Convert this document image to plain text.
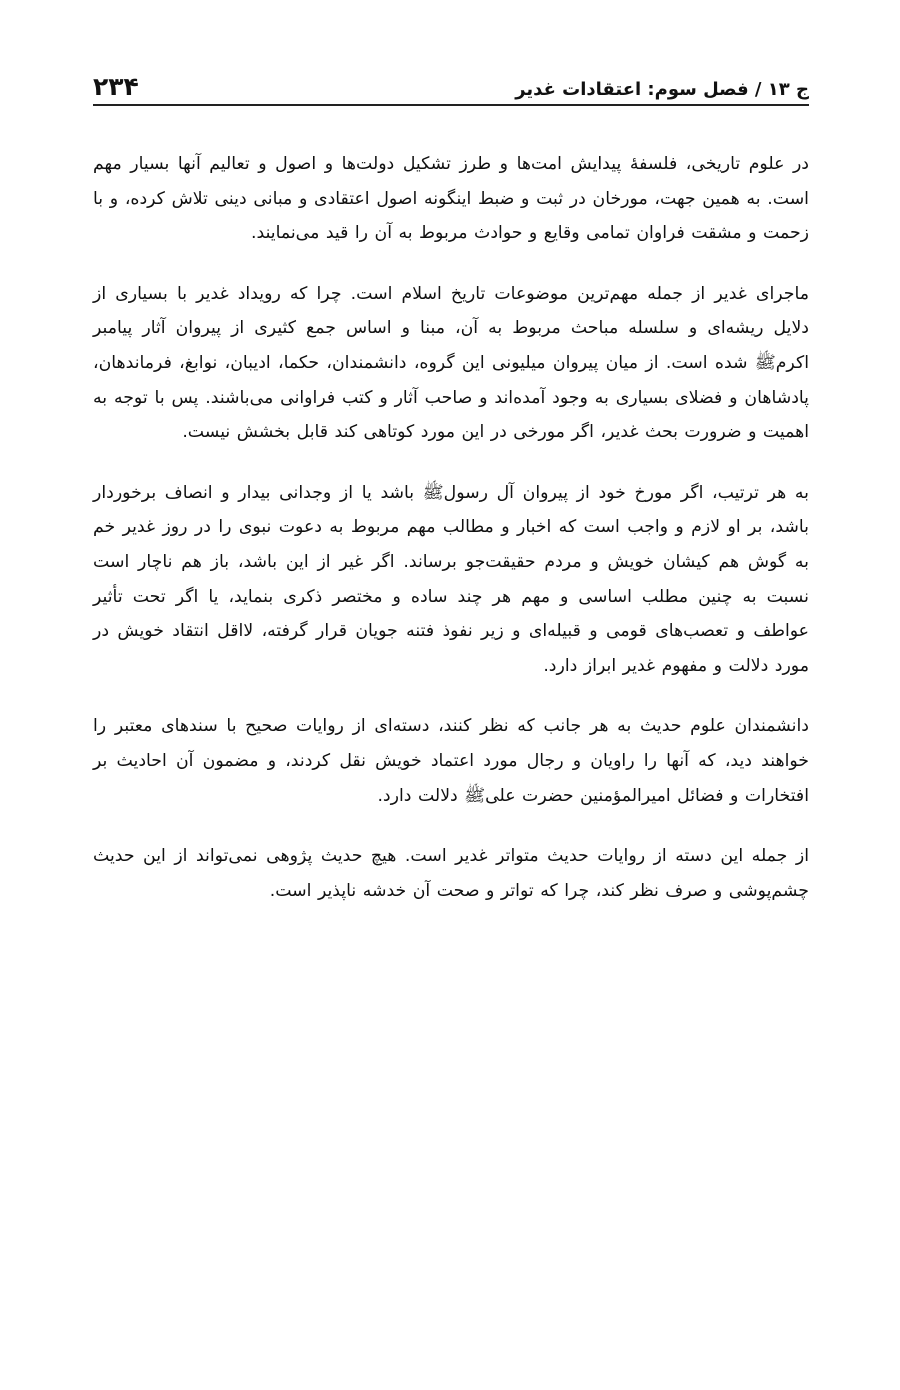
ج ۱۳ / فصل سوم: اعتقادات غدیر
۲۳۴

در علوم تاریخی، فلسفهٔ پیدایش امت‌ها و طرز تشکیل دولت‌ها و اصول و تعالیم آنها بسیار مهم است. به همین جهت، مورخان در ثبت و ضبط اینگونه اصول اعتقادی و مبانی دینی تلاش کرده، و با زحمت و مشقت فراوان تمامی وقایع و حوادث مربوط به آن را قید می‌نمایند.

ماجرای غدیر از جمله مهم‌ترین موضوعات تاریخ اسلام است. چرا که رویداد غدیر با بسیاری از دلایل ریشه‌ای و سلسله مباحث مربوط به آن، مبنا و اساس جمع کثیری از پیروان آثار پیامبر اکرمﷺ شده است. از میان پیروان میلیونی این گروه، دانشمندان، حکما، ادیبان، نوابغ، فرماندهان، پادشاهان و فضلای بسیاری به وجود آمده‌اند و صاحب آثار و کتب فراوانی می‌باشند. پس با توجه به اهمیت و ضرورت بحث غدیر، اگر مورخی در این مورد کوتاهی کند قابل بخشش نیست.

به هر ترتیب، اگر مورخ خود از پیروان آل رسولﷺ باشد یا از وجدانی بیدار و انصاف برخوردار باشد، بر او لازم و واجب است که اخبار و مطالب مهم مربوط به دعوت نبوی را در روز غدیر خم به گوش هم کیشان خویش و مردم حقیقت‌جو برساند. اگر غیر از این باشد، باز هم ناچار است نسبت به چنین مطلب اساسی و مهم هر چند ساده و مختصر ذکری بنماید، یا اگر تحت تأثیر عواطف و تعصب‌های قومی و قبیله‌ای و زیر نفوذ فتنه جویان قرار گرفته، لااقل انتقاد خویش در مورد دلالت و مفهوم غدیر ابراز دارد.

دانشمندان علوم حدیث به هر جانب که نظر کنند، دسته‌ای از روایات صحیح با سندهای معتبر را خواهند دید، که آنها را راویان و رجال مورد اعتماد خویش نقل کردند، و مضمون آن احادیث بر افتخارات و فضائل امیرالمؤمنین حضرت علی‌ﷺ دلالت دارد.

از جمله این دسته از روایات حدیث متواتر غدیر است. هیچ حدیث پژوهی نمی‌تواند از این حدیث چشم‌پوشی و صرف نظر کند، چرا که تواتر و صحت آن خدشه ناپذیر است.
